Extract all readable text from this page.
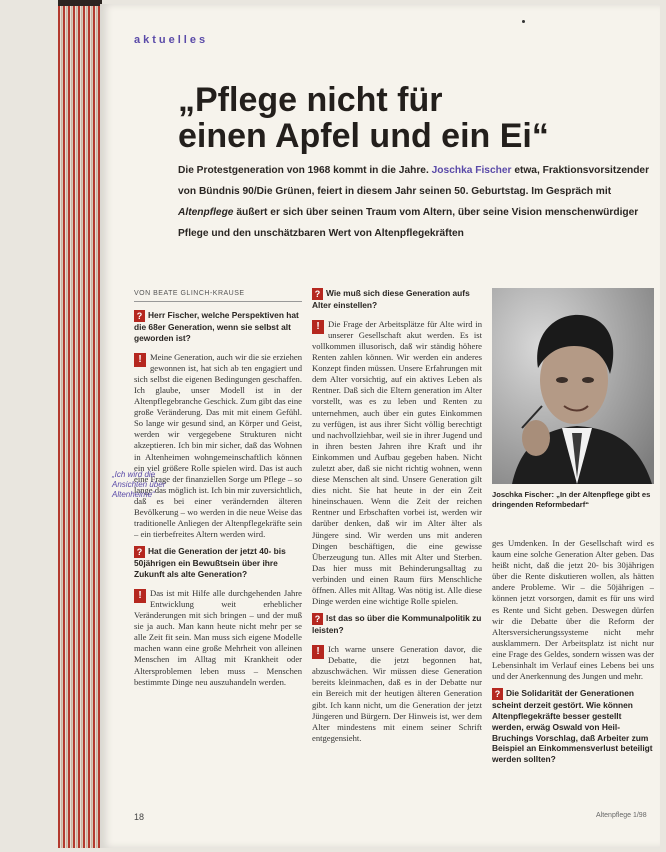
aktuelles
„Pflege nicht für
einen Apfel und ein Ei“

Die Protestgeneration von 1968 kommt in die Jahre. Joschka Fischer etwa, Fraktionsvorsitzender von Bündnis 90/Die Grünen, feiert in diesem Jahr seinen 50. Geburtstag. Im Gespräch mit Altenpflege äußert er sich über seinen Traum vom Altern, über seine Vision menschenwürdiger Pflege und den unschätzbaren Wert von Altenpflegekräften

VON BEATE GLINCH-KRAUSE
? Herr Fischer, welche Perspektiven hat die 68er Generation, wenn sie selbst alt geworden ist?

! Meine Generation, auch wir die sie erziehen gewonnen ist, hat sich ab ten engagiert und sich selbst die eigenen Bedingungen geschaffen. Ich glaube, unser Modell ist in der Altenpflegebranche Geschick. Zum gibt das eine große Veränderung. Das mit mit einem Gefühl. So lange wir gesund sind, an Körper und Geist, werden wir vergegebene Strukturen nicht akzeptieren. Ich bin mir sicher, daß das Wohnen in Altenheimen wohngemeinschaftlich können ein viel größere Rolle spielen wird. Das ist auch eine Frage der finanziellen Sorge um Pflege – so lange das möglich ist. Ich bin mir zuversichtlich, daß es bei einer verändernden älteren Bevölkerung – wo werden in die neue Weise das traditionelle Anliegen der Altenpflegekräfte sein – ein tierbefreites Altern werden wird.

? Hat die Generation der jetzt 40- bis 50jährigen ein Bewußtsein über ihre Zukunft als alte Generation?

! Das ist mit Hilfe alle durchgehenden Jahre Entwicklung weit erheblicher Veränderungen mit sich bringen – und der muß sie ja auch. Man kann heute nicht mehr per se alle Zeit fit sein. Man muss sich eigene Modelle machen wann eine große Mehrheit von alleinen Menschen im Alltag mit Krankheit oder Altersproblemen leben muss – Menschen bestimmte Dinge neu auszuhandeln werden.

„Ich wird die Ansichten über Altenheime“
? Wie muß sich diese Generation aufs Alter einstellen?

! Die Frage der Arbeitsplätze für Alte wird in unserer Gesellschaft akut werden. Es ist vollkommen illusorisch, daß wir ständig höhere Renten zahlen können. Wir werden ein anderes Konzept finden müssen. Unsere Erfahrungen mit dem Alter vorsichtig, auf ein aktives Leben als Rentner. Daß sich die Eltern generation im Alter vorstellt, was es zu leben und Renten zu unternehmen, auch über ein gutes Einkommen zu verfügen, ist aus ihrer Sicht völlig berechtigt und nachvollziehbar, weil sie in ihrer Jugend und in ihren besten Jahren ihre Kraft und ihr Einkommen und Aufbau gegeben haben. Nicht zuletzt aber, daß sie nicht richtig wohnen, wenn diese Menschen alt sind. Unsere Generation gilt dies nicht. Sie hat heute in der ein Zeit hineinschauen. Wenn die Zeit der reichen Rentner und Erbschaften vorbei ist, werden wir darüber denken, daß wir im Alter älter als Jüngere sind. Wir werden uns mit anderen Dingen beschäftigen, die eine gewisse Überzeugung tun. Alles mit Alter und Sterben. Das hier muss mit Behinderungsalltag zu verbinden und einen Raum fürs Menschliche öffnen. Alles mit Alltag. Was nötig ist. Alle diese Dinge werden eine wichtige Rolle spielen.

? Ist das so über die Kommunalpolitik zu leisten?

! Ich warne unsere Generation davor, die Debatte, die jetzt begonnen hat, abzuschwächen. Wir müssen diese Generation bereits kleinmachen, daß es in der Debatte nur ein Bereich mit der heutigen älteren Generation gibt. Ich kann nicht, um die Generation der jetzt Jüngeren und Bürgern. Der Hinweis ist, wer dem Alter mindestens mit einem seiner Schrift entgegensieht.

Joschka Fischer: „In der Altenpflege gibt es dringenden Reformbedarf“

ges Umdenken. In der Gesellschaft wird es kaum eine solche Generation Alter geben. Das heißt nicht, daß die jetzt 20- bis 30jährigen über die Rente diskutieren wollen, als hätten andere Probleme. Wir – die 50jährigen – können jetzt vorsorgen, damit es für uns wird es Rente und Sicht geben. Deswegen dürfen wir die Debatte über die Reform der Altersversicherungssysteme nicht mehr ausklammern. Der Arbeitsplatz ist nicht nur eine Frage des Geldes, sondern wissen was der Lebensinhalt im Verlauf eines Lebens bei uns und der Anerkennung des Jungen und mehr.

? Die Solidarität der Generationen scheint derzeit gestört. Wie können Altenpflegekräfte besser gestellt werden, erwäg Oswald von Heil-Bruchings Vorschlag, daß Arbeiter zum Beispiel an Einkommensverlust beteiligt werden sollten?
18	Altenpflege 1/98
